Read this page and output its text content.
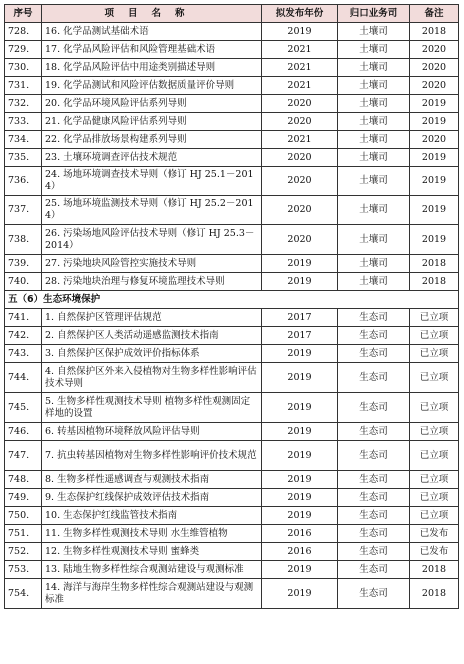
序号	项目名称	拟发布年份	归口业务司	备注
728.	16. 化学品测试基础术语	2019	土壤司	2018
729.	17. 化学品风险评估和风险管理基础术语	2021	土壤司	2020
730.	18. 化学品风险评估中用途类别描述导则	2021	土壤司	2020
731.	19. 化学品测试和风险评估数据质量评价导则	2021	土壤司	2020
732.	20. 化学品环境风险评估系列导则	2020	土壤司	2019
733.	21. 化学品健康风险评估系列导则	2020	土壤司	2019
734.	22. 化学品排放场景构建系列导则	2021	土壤司	2020
735.	23. 土壤环境调查评估技术规范	2020	土壤司	2019
736.	24. 场地环境调查技术导则（修订 HJ 25.1－2014）	2020	土壤司	2019
737.	25. 场地环境监测技术导则（修订 HJ 25.2－2014）	2020	土壤司	2019
738.	26. 污染场地风险评估技术导则（修订 HJ 25.3－2014）	2020	土壤司	2019
739.	27. 污染地块风险管控实施技术导则	2019	土壤司	2018
740.	28. 污染地块治理与修复环境监理技术导则	2019	土壤司	2018
五（6）生态环境保护				
741.	1. 自然保护区管理评估规范	2017	生态司	已立项
742.	2. 自然保护区人类活动遥感监测技术指南	2017	生态司	已立项
743.	3. 自然保护区保护成效评价指标体系	2019	生态司	已立项
744.	4. 自然保护区外来入侵植物对生物多样性影响评估技术导则	2019	生态司	已立项
745.	5. 生物多样性观测技术导则 植物多样性观测固定样地的设置	2019	生态司	已立项
746.	6. 转基因植物环境释放风险评估导则	2019	生态司	已立项
747.	7. 抗虫转基因植物对生物多样性影响评价技术规范	2019	生态司	已立项
748.	8. 生物多样性遥感调查与观测技术指南	2019	生态司	已立项
749.	9. 生态保护红线保护成效评估技术指南	2019	生态司	已立项
750.	10. 生态保护红线监管技术指南	2019	生态司	已立项
751.	11. 生物多样性观测技术导则 水生维管植物	2016	生态司	已发布
752.	12. 生物多样性观测技术导则 蜜蜂类	2016	生态司	已发布
753.	13. 陆地生物多样性综合观测站建设与观测标准	2019	生态司	2018
754.	14. 海洋与海岸生物多样性综合观测站建设与观测标准	2019	生态司	2018
